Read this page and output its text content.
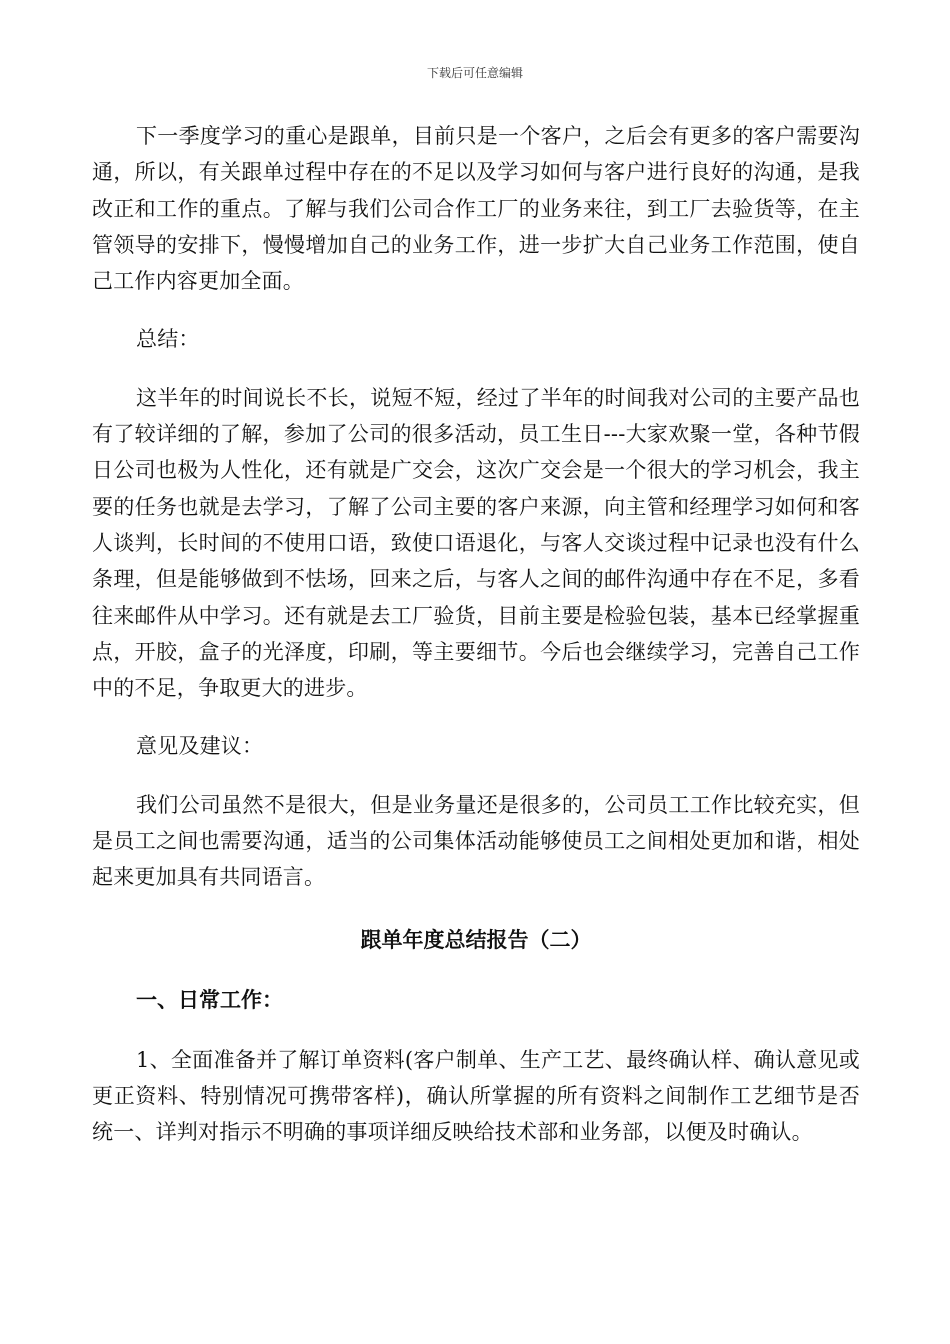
下载后可任意编辑

下一季度学习的重心是跟单，目前只是一个客户，之后会有更多的客户需要沟通，所以，有关跟单过程中存在的不足以及学习如何与客户进行良好的沟通，是我改正和工作的重点。了解与我们公司合作工厂的业务来往，到工厂去验货等，在主管领导的安排下，慢慢增加自己的业务工作，进一步扩大自己业务工作范围，使自己工作内容更加全面。

总结：

这半年的时间说长不长，说短不短，经过了半年的时间我对公司的主要产品也有了较详细的了解，参加了公司的很多活动，员工生日---大家欢聚一堂，各种节假日公司也极为人性化，还有就是广交会，这次广交会是一个很大的学习机会，我主要的任务也就是去学习，了解了公司主要的客户来源，向主管和经理学习如何和客人谈判，长时间的不使用口语，致使口语退化，与客人交谈过程中记录也没有什么条理，但是能够做到不怯场，回来之后，与客人之间的邮件沟通中存在不足，多看往来邮件从中学习。还有就是去工厂验货，目前主要是检验包装，基本已经掌握重点，开胶，盒子的光泽度，印刷，等主要细节。今后也会继续学习，完善自己工作中的不足，争取更大的进步。

意见及建议：

我们公司虽然不是很大，但是业务量还是很多的，公司员工工作比较充实，但是员工之间也需要沟通，适当的公司集体活动能够使员工之间相处更加和谐，相处起来更加具有共同语言。

跟单年度总结报告（二）

一、日常工作：

1、全面准备并了解订单资料(客户制单、生产工艺、最终确认样、确认意见或更正资料、特别情况可携带客样)，确认所掌握的所有资料之间制作工艺细节是否统一、详判对指示不明确的事项详细反映给技术部和业务部，以便及时确认。
